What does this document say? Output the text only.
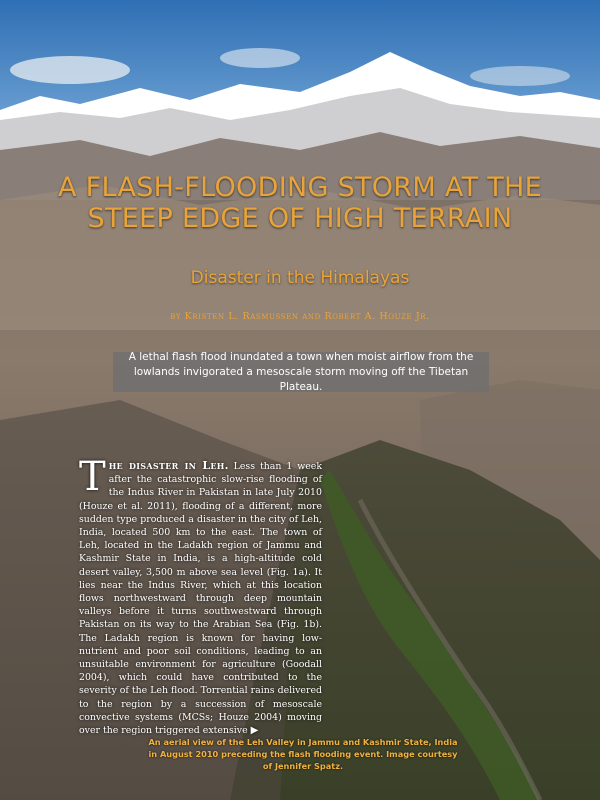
A FLASH-FLOODING STORM AT THE STEEP EDGE OF HIGH TERRAIN
Disaster in the Himalayas
by Kristen L. Rasmussen and Robert A. Houze Jr.
A lethal flash flood inundated a town when moist airflow from the lowlands invigorated a mesoscale storm moving off the Tibetan Plateau.
The disaster in Leh. Less than 1 week after the catastrophic slow-rise flooding of the Indus River in Pakistan in late July 2010 (Houze et al. 2011), flooding of a different, more sudden type produced a disaster in the city of Leh, India, located 500 km to the east. The town of Leh, located in the Ladakh region of Jammu and Kashmir State in India, is a high-altitude cold desert valley, 3,500 m above sea level (Fig. 1a). It lies near the Indus River, which at this location flows northwestward through deep mountain valleys before it turns southwestward through Pakistan on its way to the Arabian Sea (Fig. 1b). The Ladakh region is known for having low-nutrient and poor soil conditions, leading to an unsuitable environment for agriculture (Goodall 2004), which could have contributed to the severity of the Leh flood. Torrential rains delivered to the region by a succession of mesoscale convective systems (MCSs; Houze 2004) moving over the region triggered extensive ▶
An aerial view of the Leh Valley in Jammu and Kashmir State, India in August 2010 preceding the flash flooding event. Image courtesy of Jennifer Spatz.
